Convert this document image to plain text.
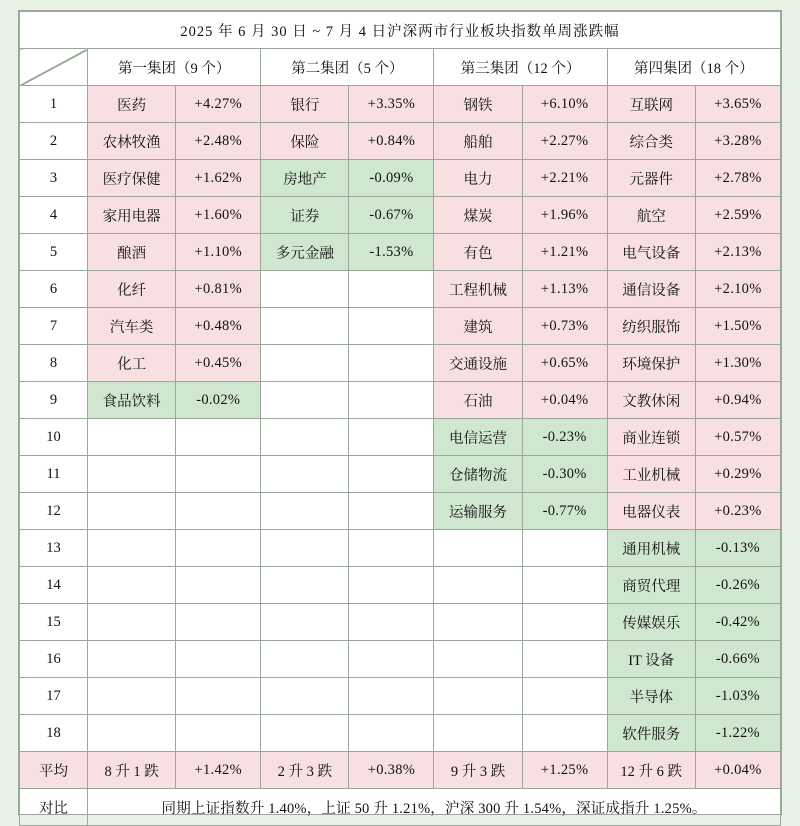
2025 年 6 月 30 日 ~ 7 月 4 日沪深两市行业板块指数单周涨跌幅								
	第一集团（9 个）		第二集团（5 个）		第三集团（12 个）		第四集团（18 个）	
1	医药	+4.27%	银行	+3.35%	钢铁	+6.10%	互联网	+3.65%
2	农林牧渔	+2.48%	保险	+0.84%	船舶	+2.27%	综合类	+3.28%
3	医疗保健	+1.62%	房地产	-0.09%	电力	+2.21%	元器件	+2.78%
4	家用电器	+1.60%	证券	-0.67%	煤炭	+1.96%	航空	+2.59%
5	酿酒	+1.10%	多元金融	-1.53%	有色	+1.21%	电气设备	+2.13%
6	化纤	+0.81%			工程机械	+1.13%	通信设备	+2.10%
7	汽车类	+0.48%			建筑	+0.73%	纺织服饰	+1.50%
8	化工	+0.45%			交通设施	+0.65%	环境保护	+1.30%
9	食品饮料	-0.02%			石油	+0.04%	文教休闲	+0.94%
10					电信运营	-0.23%	商业连锁	+0.57%
11					仓储物流	-0.30%	工业机械	+0.29%
12					运输服务	-0.77%	电器仪表	+0.23%
13							通用机械	-0.13%
14							商贸代理	-0.26%
15							传媒娱乐	-0.42%
16							IT 设备	-0.66%
17							半导体	-1.03%
18							软件服务	-1.22%
平均	8 升 1 跌	+1.42%	2 升 3 跌	+0.38%	9 升 3 跌	+1.25%	12 升 6 跌	+0.04%
对比	同期上证指数升 1.40%，上证 50 升 1.21%，沪深 300 升 1.54%，深证成指升 1.25%。							
